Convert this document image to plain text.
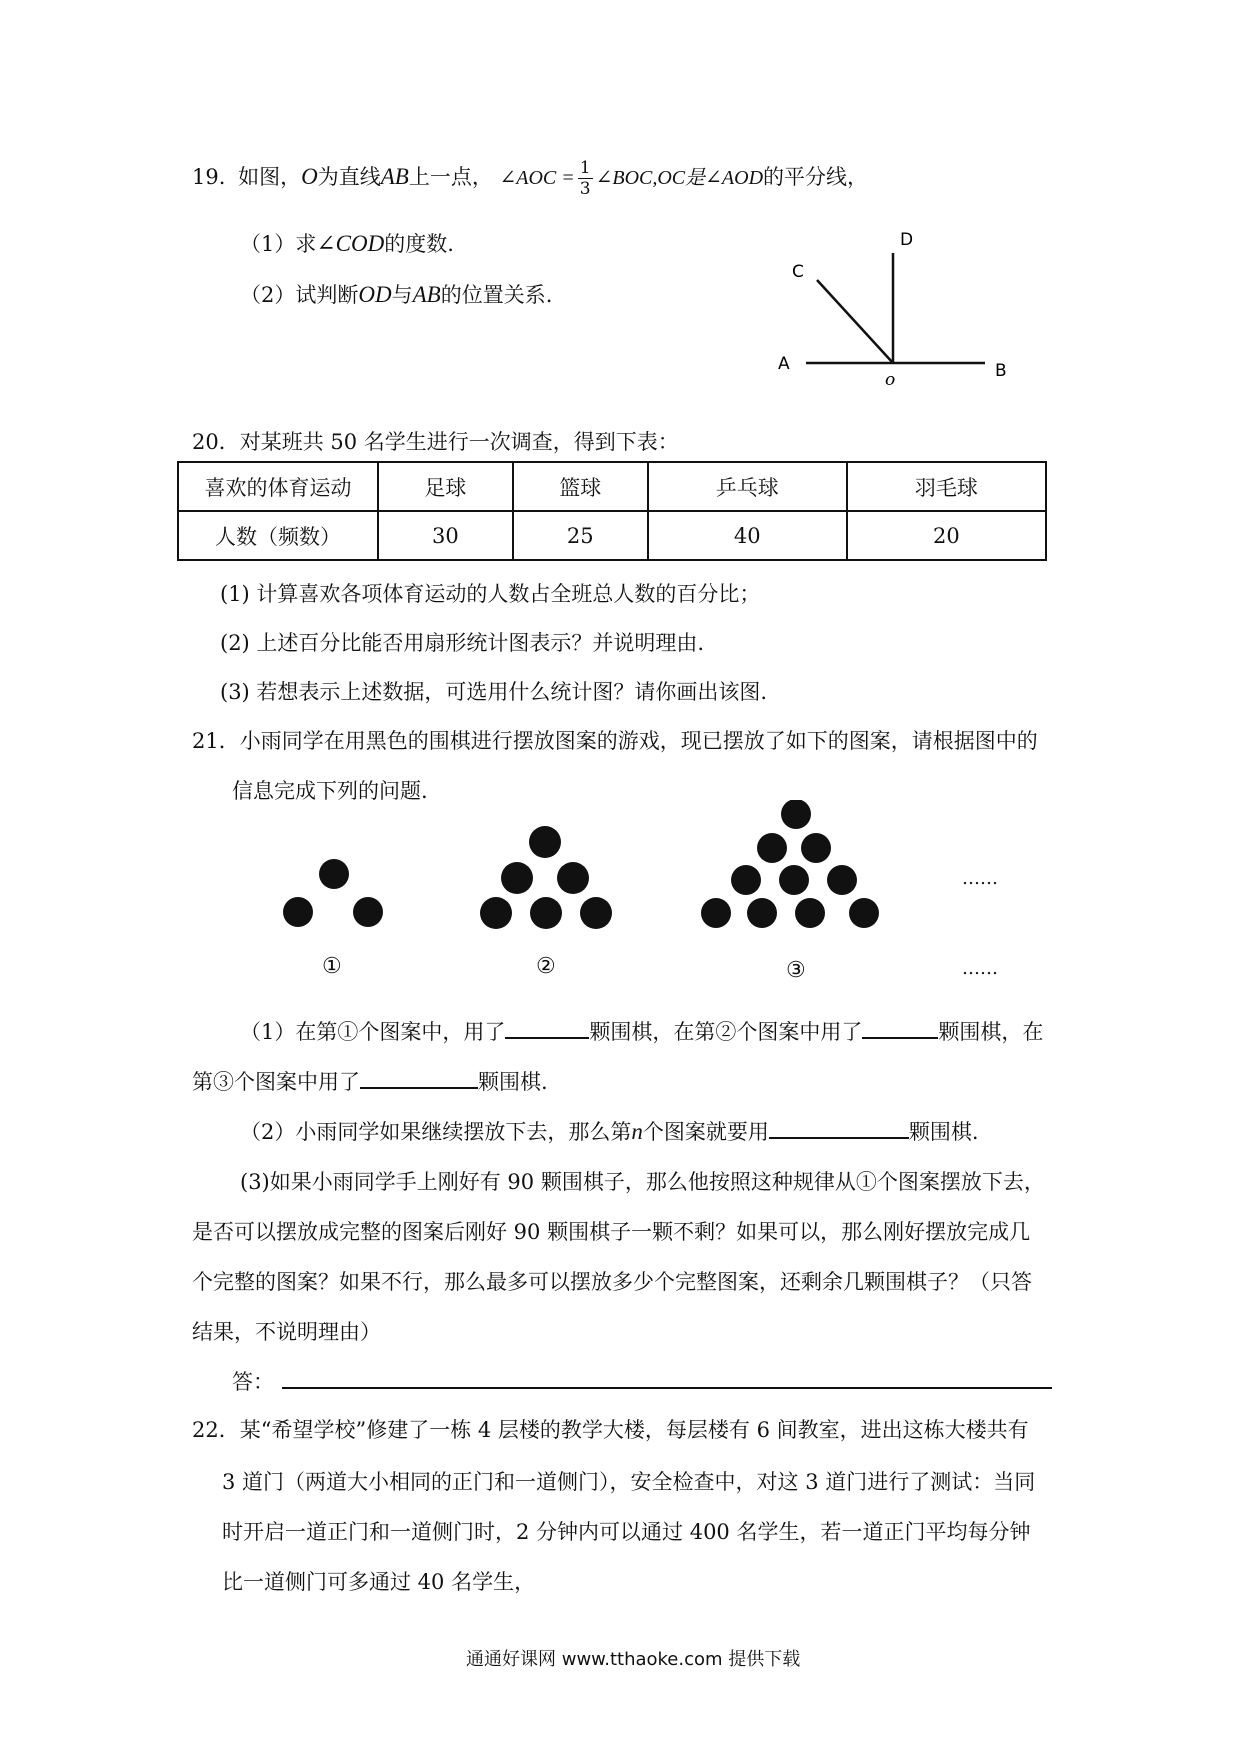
19. 如图，O为直线AB上一点， ∠AOC = $\frac{1}{3}$ ∠BOC,OC是∠AOD的平分线，
（1）求∠COD的度数.
（2）试判断OD与AB的位置关系.
A	B
C
D
o
20．对某班共 50 名学生进行一次调查，得到下表：
喜欢的体育运动	足球	篮球	乒乓球	羽毛球
人数（频数）	30	25	40	20
(1) 计算喜欢各项体育运动的人数占全班总人数的百分比；
(2) 上述百分比能否用扇形统计图表示？并说明理由.
(3) 若想表示上述数据，可选用什么统计图？请你画出该图.
21．小雨同学在用黑色的围棋进行摆放图案的游戏，现已摆放了如下的图案，请根据图中的
信息完成下列的问题.
……
①	②	③	……
（1）在第①个图案中，用了	颗围棋，在第②个图案中用了	颗围棋，在
第③个图案中用了	颗围棋.
（2）小雨同学如果继续摆放下去，那么第n个图案就要用	颗围棋.
(3)如果小雨同学手上刚好有 90 颗围棋子，那么他按照这种规律从①个图案摆放下去，
是否可以摆放成完整的图案后刚好 90 颗围棋子一颗不剩？如果可以，那么刚好摆放完成几
个完整的图案？如果不行，那么最多可以摆放多少个完整图案，还剩余几颗围棋子？（只答
结果，不说明理由）
答：
22．某“希望学校”修建了一栋 4 层楼的教学大楼，每层楼有 6 间教室，进出这栋大楼共有
3 道门（两道大小相同的正门和一道侧门），安全检查中，对这 3 道门进行了测试：当同
时开启一道正门和一道侧门时，2 分钟内可以通过 400 名学生，若一道正门平均每分钟
比一道侧门可多通过 40 名学生，
通通好课网 www.tthaoke.com 提供下载
